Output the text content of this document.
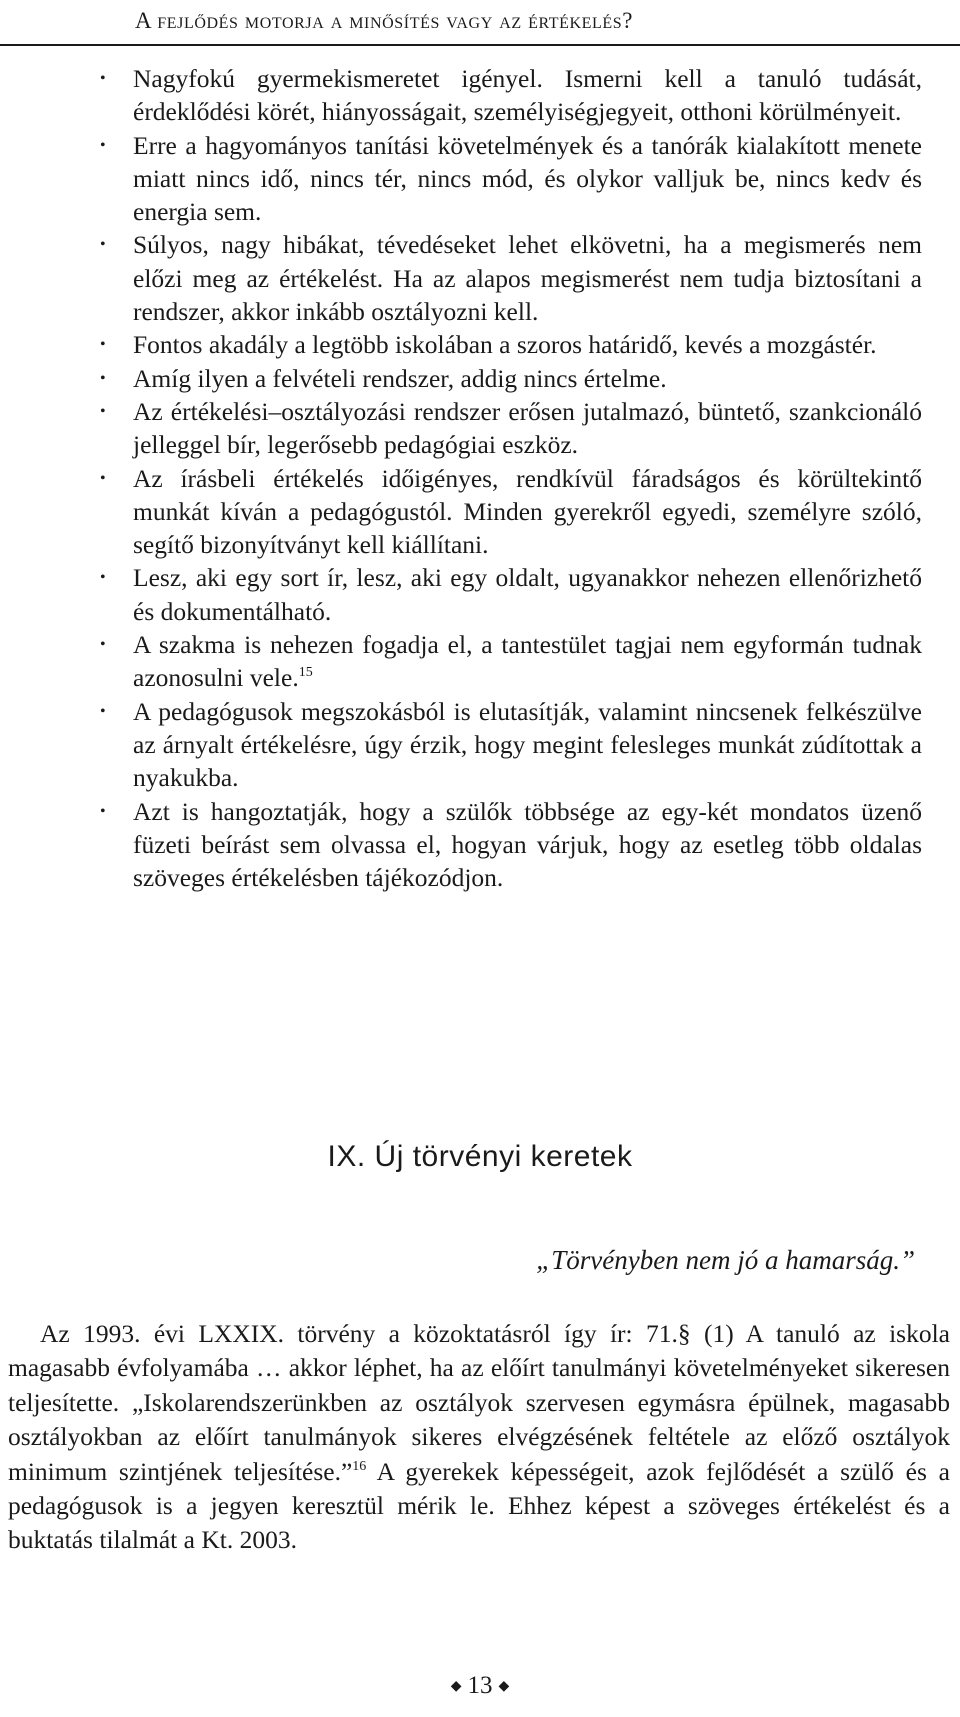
A fejlődés motorja a minősítés vagy az értékelés?
• Nagyfokú gyermekismeretet igényel. Ismerni kell a tanuló tudását, érdeklődési körét, hiányosságait, személyiségjegyeit, otthoni körülményeit.
• Erre a hagyományos tanítási követelmények és a tanórák kialakított menete miatt nincs idő, nincs tér, nincs mód, és olykor valljuk be, nincs kedv és energia sem.
• Súlyos, nagy hibákat, tévedéseket lehet elkövetni, ha a megismerés nem előzi meg az értékelést. Ha az alapos megismerést nem tudja biztosítani a rendszer, akkor inkább osztályozni kell.
• Fontos akadály a legtöbb iskolában a szoros határidő, kevés a mozgástér.
• Amíg ilyen a felvételi rendszer, addig nincs értelme.
• Az értékelési–osztályozási rendszer erősen jutalmazó, büntető, szankcionáló jelleggel bír, legerősebb pedagógiai eszköz.
• Az írásbeli értékelés időigényes, rendkívül fáradságos és körültekintő munkát kíván a pedagógustól. Minden gyerekről egyedi, személyre szóló, segítő bizonyítványt kell kiállítani.
• Lesz, aki egy sort ír, lesz, aki egy oldalt, ugyanakkor nehezen ellenőrizhető és dokumentálható.
• A szakma is nehezen fogadja el, a tantestület tagjai nem egyformán tudnak azonosulni vele.$^{15}$
• A pedagógusok megszokásból is elutasítják, valamint nincsenek felkészülve az árnyalt értékelésre, úgy érzik, hogy megint felesleges munkát zúdítottak a nyakukba.
• Azt is hangoztatják, hogy a szülők többsége az egy-két mondatos üzenő füzeti beírást sem olvassa el, hogyan várjuk, hogy az esetleg több oldalas szöveges értékelésben tájékozódjon.
IX. Új törvényi keretek
„Törvényben nem jó a hamarság.”

Az 1993. évi LXXIX. törvény a közoktatásról így ír: 71.§ (1) A tanuló az iskola magasabb évfolyamába … akkor léphet, ha az előírt tanulmányi követelményeket sikeresen teljesítette. „Iskolarendszerünkben az osztályok szervesen egymásra épülnek, magasabb osztályokban az előírt tanulmányok sikeres elvégzésének feltétele az előző osztályok minimum szintjének teljesítése.”$^{16}$ A gyerekek képességeit, azok fejlődését a szülő és a pedagógusok is a jegyen keresztül mérik le. Ehhez képest a szöveges értékelést és a buktatás tilalmát a Kt. 2003.

◆ 13 ◆
